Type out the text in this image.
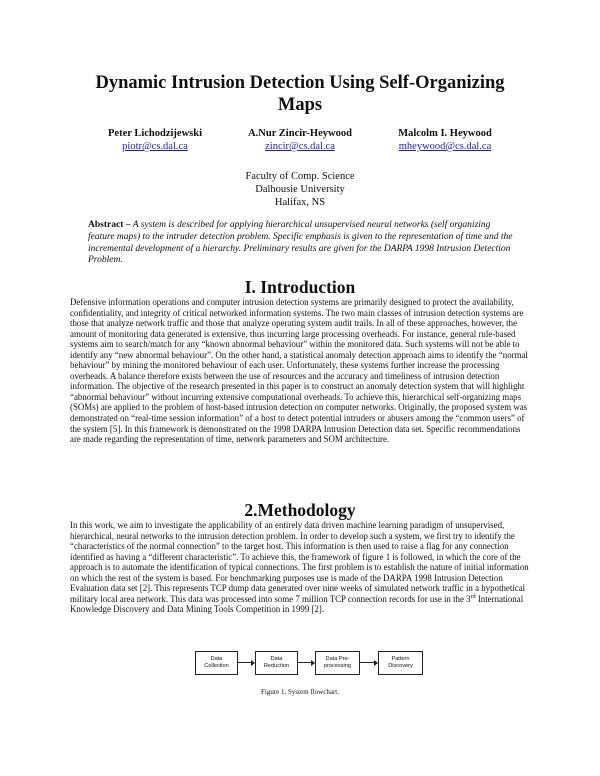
Dynamic Intrusion Detection Using Self-Organizing Maps
Peter Lichodzijewski
piotr@cs.dal.ca
A.Nur Zincir-Heywood
zincir@cs.dal.ca
Malcolm I. Heywood
mheywood@cs.dal.ca
Faculty of Comp. Science
Dalhousie University
Halifax, NS
Abstract – A system is described for applying hierarchical unsupervised neural networks (self organizing feature maps) to the intruder detection problem. Specific emphasis is given to the representation of time and the incremental development of a hierarchy. Preliminary results are given for the DARPA 1998 Intrusion Detection Problem.
I. Introduction
Defensive information operations and computer intrusion detection systems are primarily designed to protect the availability, confidentiality, and integrity of critical networked information systems. The two main classes of intrusion detection systems are those that analyze network traffic and those that analyze operating system audit trails. In all of these approaches, however, the amount of monitoring data generated is extensive, thus incurring large processing overheads. For instance, general rule-based systems aim to search/match for any “known abnormal behaviour” within the monitored data. Such systems will not be able to identify any “new abnormal behaviour”. On the other hand, a statistical anomaly detection approach aims to identify the “normal behaviour” by mining the monitored behaviour of each user. Unfortunately, these systems further increase the processing overheads. A balance therefore exists between the use of resources and the accuracy and timeliness of intrusion detection information. The objective of the research presented in this paper is to construct an anomaly detection system that will highlight “abnormal behaviour” without incurring extensive computational overheads. To achieve this, hierarchical self-organizing maps (SOMs) are applied to the problem of host-based intrusion detection on computer networks. Originally, the proposed system was demonstrated on “real-time session information” of a host to detect potential intruders or abusers among the “common users” of the system [5]. In this framework is demonstrated on the 1998 DARPA Intrusion Detection data set. Specific recommendations are made regarding the representation of time, network parameters and SOM architecture.
2.Methodology
In this work, we aim to investigate the applicability of an entirely data driven machine learning paradigm of unsupervised, hierarchical, neural networks to the intrusion detection problem. In order to develop such a system, we first try to identify the “characteristics of the normal connection” to the target host. This information is then used to raise a flag for any connection identified as having a “different characteristic”. To achieve this, the framework of figure 1 is followed, in which the core of the approach is to automate the identification of typical connections. The first problem is to establish the nature of initial information on which the rest of the system is based. For benchmarking purposes use is made of the DARPA 1998 Intrusion Detection Evaluation data set [2]. This represents TCP dump data generated over nine weeks of simulated network traffic in a hypothetical military local area network. This data was processed into some 7 million TCP connection records for use in the 3rd International Knowledge Discovery and Data Mining Tools Competition in 1999 [2].
Data
Collection
Data
Reduction
Data Pre-
processing
Pattern
Discovery
Figure 1. System flowchart.
